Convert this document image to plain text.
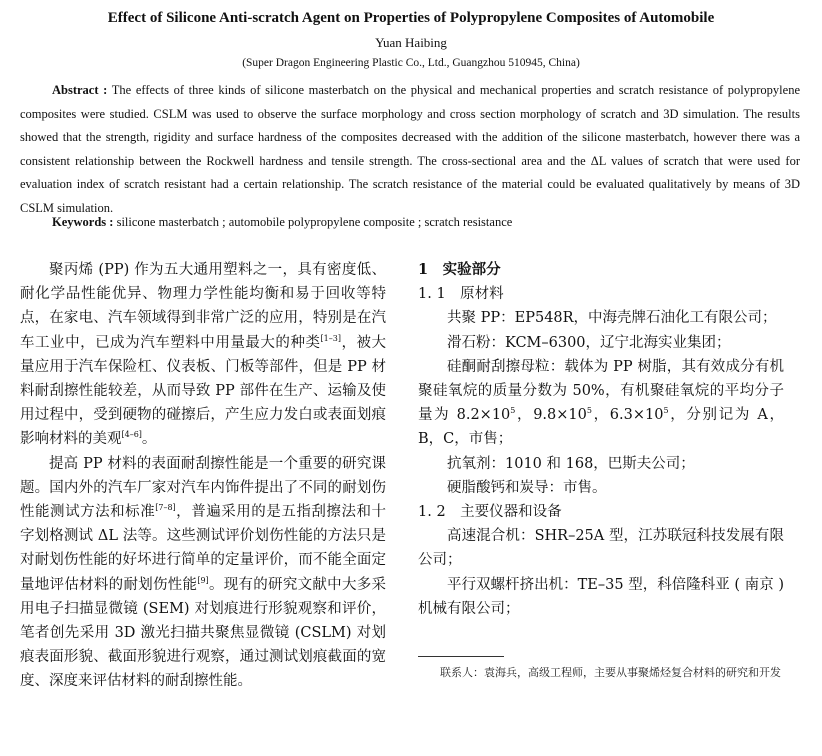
Effect of Silicone Anti-scratch Agent on Properties of Polypropylene Composites of Automobile
Yuan Haibing
(Super Dragon Engineering Plastic Co., Ltd., Guangzhou 510945, China)
Abstract : The effects of three kinds of silicone masterbatch on the physical and mechanical properties and scratch resistance of polypropylene composites were studied. CSLM was used to observe the surface morphology and cross section morphology of scratch and 3D simulation. The results showed that the strength, rigidity and surface hardness of the composites decreased with the addition of the silicone masterbatch, however there was a consistent relationship between the Rockwell hardness and tensile strength. The cross-sectional area and the ΔL values of scratch that were used for evaluation index of scratch resistant had a certain relationship. The scratch resistance of the material could be evaluated qualitatively by means of 3D CSLM simulation.
Keywords : silicone masterbatch ; automobile polypropylene composite ; scratch resistance

聚丙烯 (PP) 作为五大通用塑料之一，具有密度低、耐化学品性能优异、物理力学性能均衡和易于回收等特点，在家电、汽车领域得到非常广泛的应用，特别是在汽车工业中，已成为汽车塑料中用量最大的种类[1–3]，被大量应用于汽车保险杠、仪表板、门板等部件，但是 PP 材料耐刮擦性能较差，从而导致 PP 部件在生产、运输及使用过程中，受到硬物的碰擦后，产生应力发白或表面划痕影响材料的美观[4–6]。

提高 PP 材料的表面耐刮擦性能是一个重要的研究课题。国内外的汽车厂家对汽车内饰件提出了不同的耐划伤性能测试方法和标准[7–8]，普遍采用的是五指刮擦法和十字划格测试 ΔL 法等。这些测试评价划伤性能的方法只是对耐划伤性能的好坏进行简单的定量评价，而不能全面定量地评估材料的耐划伤性能[9]。现有的研究文献中大多采用电子扫描显微镜 (SEM) 对划痕进行形貌观察和评价，笔者创先采用 3D 激光扫描共聚焦显微镜 (CSLM) 对划痕表面形貌、截面形貌进行观察，通过测试划痕截面的宽度、深度来评估材料的耐刮擦性能。

1　实验部分

1. 1　原材料

共聚 PP：EP548R，中海壳牌石油化工有限公司；

滑石粉：KCM–6300，辽宁北海实业集团；

硅酮耐刮擦母粒：载体为 PP 树脂，其有效成分有机聚硅氧烷的质量分数为 50%，有机聚硅氧烷的平均分子量为 $8.2\times 10^5$，$9.8\times 10^5$，$6.3\times 10^5$，分别记为 A，B，C，市售；

抗氧剂：1010 和 168，巴斯夫公司；

硬脂酸钙和炭导：市售。

1. 2　主要仪器和设备

高速混合机：SHR–25A 型，江苏联冠科技发展有限公司；

平行双螺杆挤出机：TE–35 型，科倍隆科亚 ( 南京 ) 机械有限公司；

联系人：袁海兵，高级工程师，主要从事聚烯烃复合材料的研究和开发
